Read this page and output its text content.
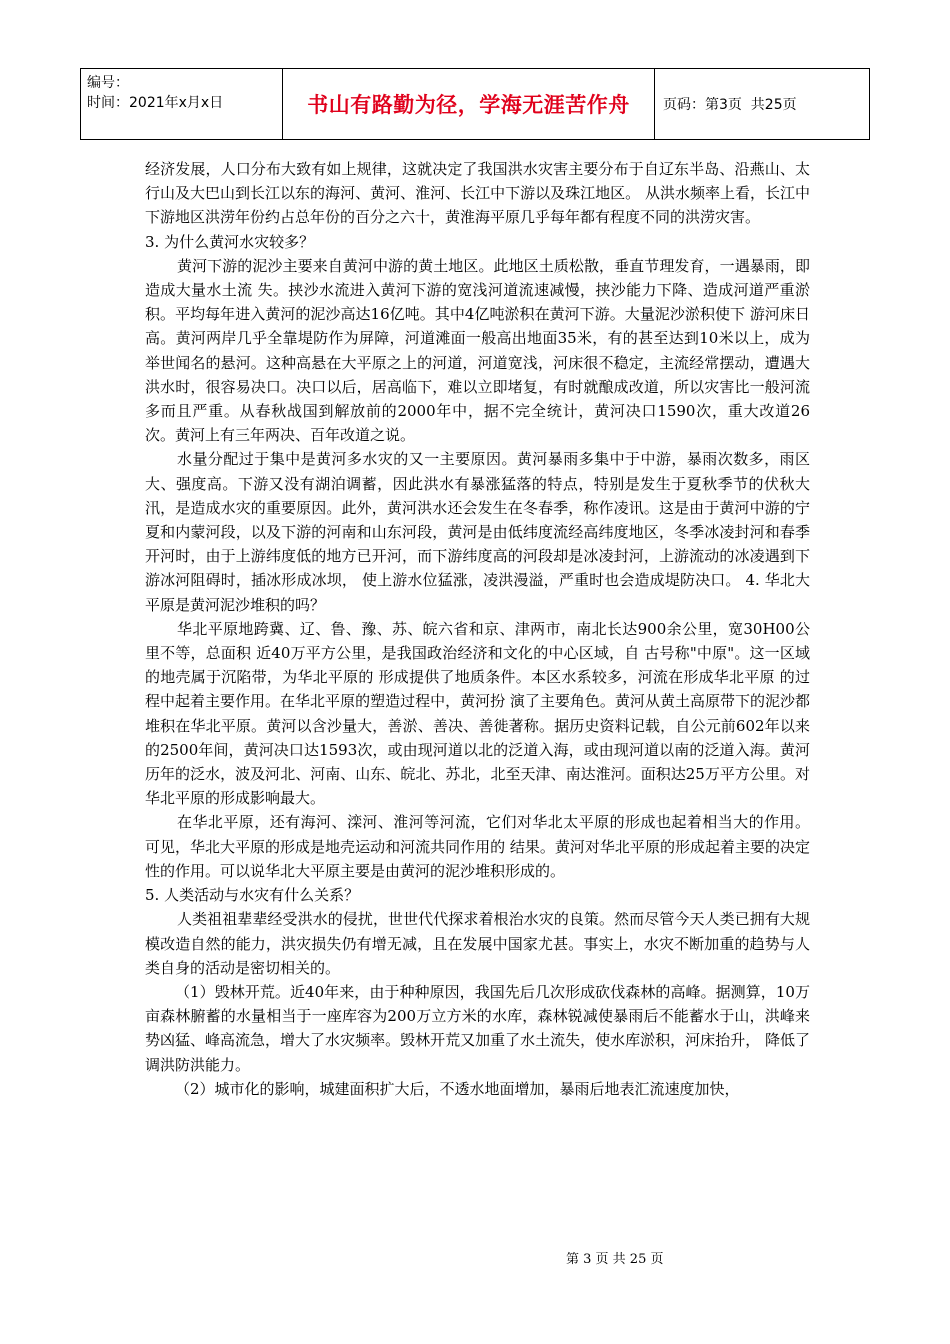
编号：
时间：2021年x月x日	书山有路勤为径，学海无涯苦作舟 页码：第3页  共25页

经济发展，人口分布大致有如上规律，这就决定了我国洪水灾害主要分布于自辽东半岛、沿燕山、太行山及大巴山到长江以东的海河、黄河、淮河、长江中下游以及珠江地区。 从洪水频率上看，长江中下游地区洪涝年份约占总年份的百分之六十，黄淮海平原几乎每年都有程度不同的洪涝灾害。

3. 为什么黄河水灾较多？

黄河下游的泥沙主要来自黄河中游的黄土地区。此地区土质松散，垂直节理发育，一遇暴雨，即造成大量水土流 失。挟沙水流进入黄河下游的宽浅河道流速减慢，挟沙能力下降、造成河道严重淤积。平均每年进入黄河的泥沙高达16亿吨。其中4亿吨淤积在黄河下游。大量泥沙淤积使下 游河床日高。黄河两岸几乎全靠堤防作为屏障，河道滩面一般高出地面35米，有的甚至达到10米以上，成为举世闻名的悬河。这种高悬在大平原之上的河道，河道宽浅，河床很不稳定，主流经常摆动，遭遇大洪水时，很容易决口。决口以后，居高临下，难以立即堵复，有时就酿成改道，所以灾害比一般河流多而且严重。从春秋战国到解放前的2000年中，据不完全统计，黄河决口1590次，重大改道26次。黄河上有三年两决、百年改道之说。

水量分配过于集中是黄河多水灾的又一主要原因。黄河暴雨多集中于中游，暴雨次数多，雨区大、强度高。下游又没有湖泊调蓄，因此洪水有暴涨猛落的特点，特别是发生于夏秋季节的伏秋大汛，是造成水灾的重要原因。此外，黄河洪水还会发生在冬春季，称作凌讯。这是由于黄河中游的宁夏和内蒙河段，以及下游的河南和山东河段，黄河是由低纬度流经高纬度地区，冬季冰凌封河和春季开河时，由于上游纬度低的地方已开河，而下游纬度高的河段却是冰凌封河，上游流动的冰凌遇到下游冰河阻碍时，插冰形成冰坝， 使上游水位猛涨，凌洪漫溢，严重时也会造成堤防决口。 4. 华北大平原是黄河泥沙堆积的吗？

华北平原地跨冀、辽、鲁、豫、苏、皖六省和京、津两市，南北长达900余公里，宽30H00公里不等，总面积 近40万平方公里，是我国政治经济和文化的中心区域，自 古号称"中原"。这一区域的地壳属于沉陷带，为华北平原的 形成提供了地质条件。本区水系较多，河流在形成华北平原 的过程中起着主要作用。在华北平原的塑造过程中，黄河扮 演了主要角色。黄河从黄土高原带下的泥沙都堆积在华北平原。黄河以含沙量大，善淤、善决、善徙著称。据历史资料记载，自公元前602年以来的2500年间，黄河决口达1593次，或由现河道以北的泛道入海，或由现河道以南的泛道入海。黄河历年的泛水，波及河北、河南、山东、皖北、苏北，北至天津、南达淮河。面积达25万平方公里。对华北平原的形成影响最大。

在华北平原，还有海河、滦河、淮河等河流，它们对华北太平原的形成也起着相当大的作用。 可见，华北大平原的形成是地壳运动和河流共同作用的 结果。黄河对华北平原的形成起着主要的决定性的作用。可以说华北大平原主要是由黄河的泥沙堆积形成的。

5. 人类活动与水灾有什么关系？

人类祖祖辈辈经受洪水的侵扰，世世代代探求着根治水灾的良策。然而尽管今天人类已拥有大规模改造自然的能力，洪灾损失仍有增无减，且在发展中国家尤甚。事实上，水灾不断加重的趋势与人类自身的活动是密切相关的。

（1）毁林开荒。近40年来，由于种种原因，我国先后几次形成砍伐森林的高峰。据测算，10万亩森林腑蓄的水量相当于一座库容为200万立方米的水库，森林锐减使暴雨后不能蓄水于山，洪峰来势凶猛、峰高流急，增大了水灾频率。毁林开荒又加重了水土流失，使水库淤积，河床抬升， 降低了调洪防洪能力。

（2）城市化的影响，城建面积扩大后，不透水地面增加，暴雨后地表汇流速度加快，

第 3 页 共 25 页
